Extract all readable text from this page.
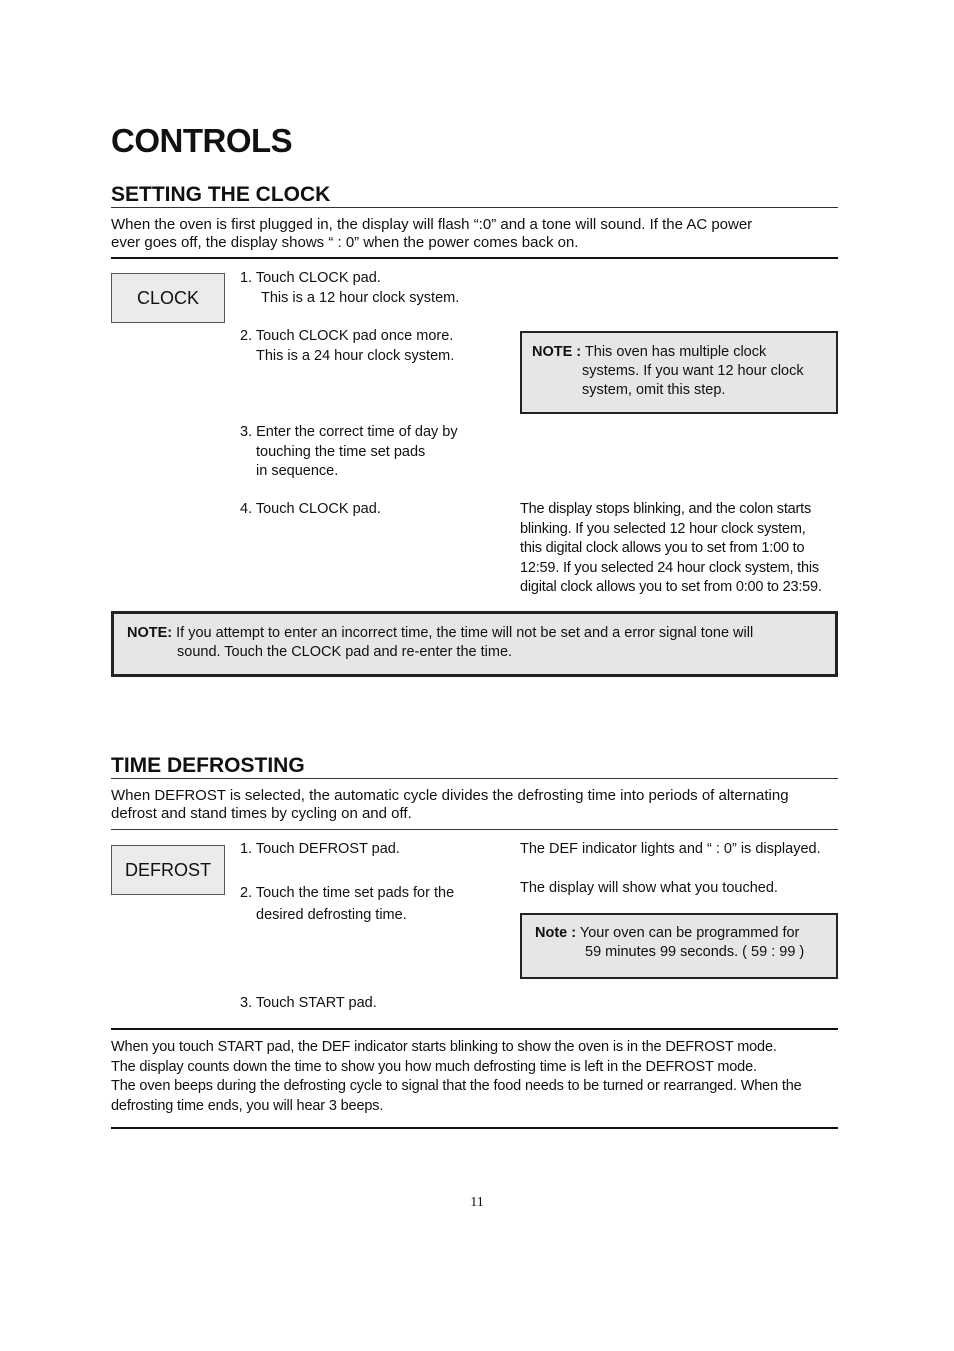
CONTROLS
SETTING THE CLOCK
When the oven is first plugged in, the display will flash “:0” and a tone will sound. If the AC power
ever goes off, the display shows “ : 0” when the power comes back on.
CLOCK
1. Touch CLOCK pad.
This is a 12 hour clock system.
2. Touch CLOCK pad once more.
This is a 24 hour clock system.	NOTE : This oven has multiple clock
systems. If you want 12 hour clock
system, omit this step.
3. Enter the correct time of day by
touching the time set pads
in sequence.
4. Touch CLOCK pad.	The display stops blinking, and the colon starts
blinking. If you selected 12 hour clock system,
this digital clock allows you to set from 1:00 to
12:59. If you selected 24 hour clock system, this
digital clock allows you to set from 0:00 to 23:59.
NOTE: If you attempt to enter an incorrect time, the time will not be set and a error signal tone will
sound. Touch the CLOCK pad and re-enter the time.
TIME DEFROSTING
When DEFROST is selected, the automatic cycle divides the defrosting time into periods of alternating
defrost and stand times by cycling on and off.
DEFROST
1. Touch DEFROST pad.	The DEF indicator lights and “ : 0” is displayed.
2. Touch the time set pads for the
desired defrosting time.
The display will show what you touched.
Note : Your oven can be programmed for
59 minutes 99 seconds. ( 59 : 99 )
3. Touch START pad.
When you touch START pad, the DEF indicator starts blinking to show the oven is in the DEFROST mode.
The display counts down the time to show you how much defrosting time is left in the DEFROST mode.
The oven beeps during the defrosting cycle to signal that the food needs to be turned or rearranged. When the
defrosting time ends, you will hear 3 beeps.
11
